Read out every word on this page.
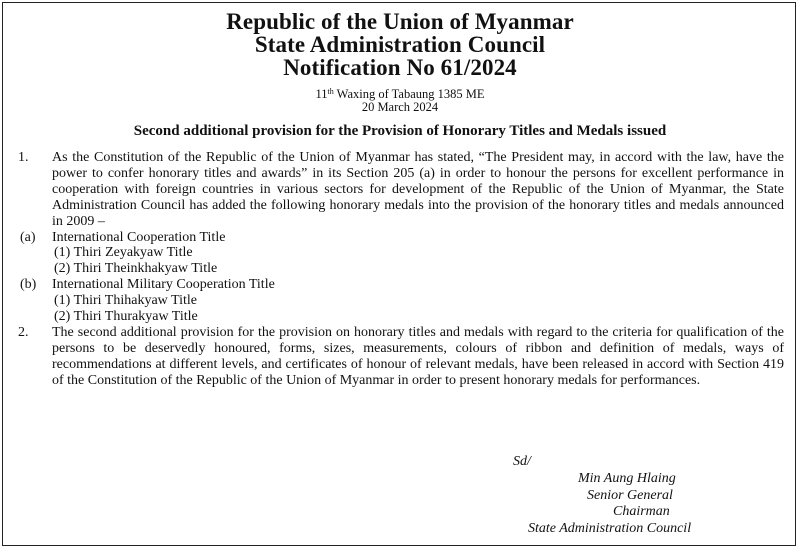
Republic of the Union of Myanmar
State Administration Council
Notification No 61/2024
11th Waxing of Tabaung 1385 ME
20 March 2024
Second additional provision for the Provision of Honorary Titles and Medals issued
1. As the Constitution of the Republic of the Union of Myanmar has stated, “The President may, in accord with the law, have the power to confer honorary titles and awards” in its Section 205 (a) in order to honour the persons for excellent performance in cooperation with foreign countries in various sectors for development of the Republic of the Union of Myanmar, the State Administration Council has added the following honorary medals into the provision of the honorary titles and medals announced in 2009 –
(a) International Cooperation Title
(1) Thiri Zeyakyaw Title
(2) Thiri Theinkhakyaw Title
(b) International Military Cooperation Title
(1) Thiri Thihakyaw Title
(2) Thiri Thurakyaw Title
2. The second additional provision for the provision on honorary titles and medals with regard to the criteria for qualification of the persons to be deservedly honoured, forms, sizes, measurements, colours of ribbon and definition of medals, ways of recommendations at different levels, and certificates of honour of relevant medals, have been released in accord with Section 419 of the Constitution of the Republic of the Union of Myanmar in order to present honorary medals for performances.
Sd/
Min Aung Hlaing
Senior General
Chairman
State Administration Council
